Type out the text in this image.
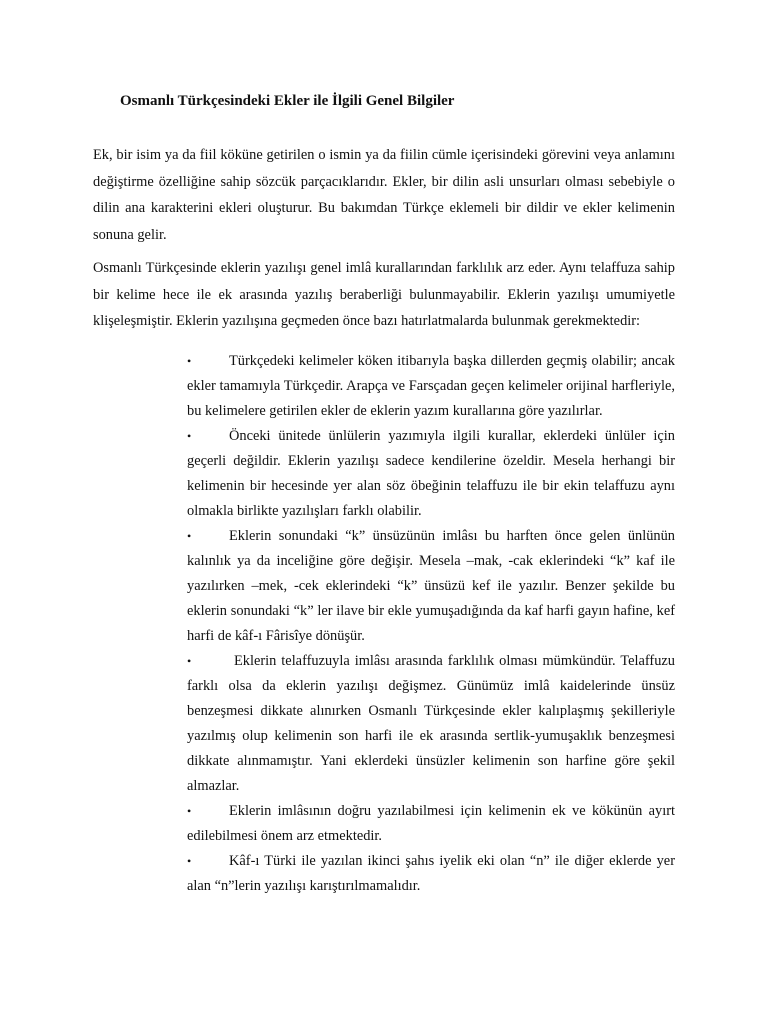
Osmanlı Türkçesindeki Ekler ile İlgili Genel Bilgiler

Ek, bir isim ya da fiil kökünе getirilen o ismin ya da fiilin cümle içerisindeki görevini veya anlamını değiştirme özelliğine sahip sözcük parçacıklarıdır. Ekler, bir dilin asli unsurları olması sebebiyle o dilin ana karakterini ekleri oluşturur. Bu bakımdan Türkçe eklemeli bir dildir ve ekler kelimenin sonuna gelir.

Osmanlı Türkçesinde eklerin yazılışı genel imlâ kurallarından farklılık arz eder. Aynı telaffuza sahip bir kelime hece ile ek arasında yazılış beraberliği bulunmayabilir. Eklerin yazılışı umumiyetle klişeleşmiştir. Eklerin yazılışına geçmeden önce bazı hatırlatmalarda bulunmak gerekmektedir:

•	Türkçedeki kelimeler köken itibarıyla başka dillerden geçmiş olabilir; ancak ekler tamamıyla Türkçedir. Arapça ve Farsçadan geçen kelimeler orijinal harfleriyle, bu kelimelere getirilen ekler de eklerin yazım kurallarına göre yazılırlar.
•	Önceki ünitede ünlülerin yazımıyla ilgili kurallar, eklerdeki ünlüler için geçerli değildir. Eklerin yazılışı sadece kendilerine özeldir. Mesela herhangi bir kelimenin bir hecesinde yer alan söz öbeğinin telaffuzu ile bir ekin telaffuzu aynı olmakla birlikte yazılışları farklı olabilir.
•	Eklerin sonundaki “k” ünsüzünün imlâsı bu harften önce gelen ünlünün kalınlık ya da inceliğine göre değişir. Mesela –mak, -cak eklerindeki “k” kaf ile yazılırken –mek, -cek eklerindeki “k” ünsüzü kef ile yazılır. Benzer şekilde bu eklerin sonundaki “k” ler ilave bir ekle yumuşadığında da kaf harfi gayın hafine, kef harfi de kâf-ı Fârisîye dönüşür.
•	Eklerin telaffuzuyla imlâsı arasında farklılık olması mümkündür. Telaffuzu farklı olsa da eklerin yazılışı değişmez. Günümüz imlâ kaidelerinde ünsüz benzeşmesi dikkate alınırken Osmanlı Türkçesinde ekler kalıplaşmış şekilleriyle yazılmış olup kelimenin son harfi ile ek arasında sertlik-yumuşaklık benzeşmesi dikkate alınmamıştır. Yani eklerdeki ünsüzler kelimenin son harfine göre şekil almazlar.
•	Eklerin imlâsının doğru yazılabilmesi için kelimenin ek ve kökünün ayırt edilebilmesi önem arz etmektedir.
•	Kâf-ı Türki ile yazılan ikinci şahıs iyelik eki olan “n” ile diğer eklerde yer alan “n”lerin yazılışı karıştırılmamalıdır.
